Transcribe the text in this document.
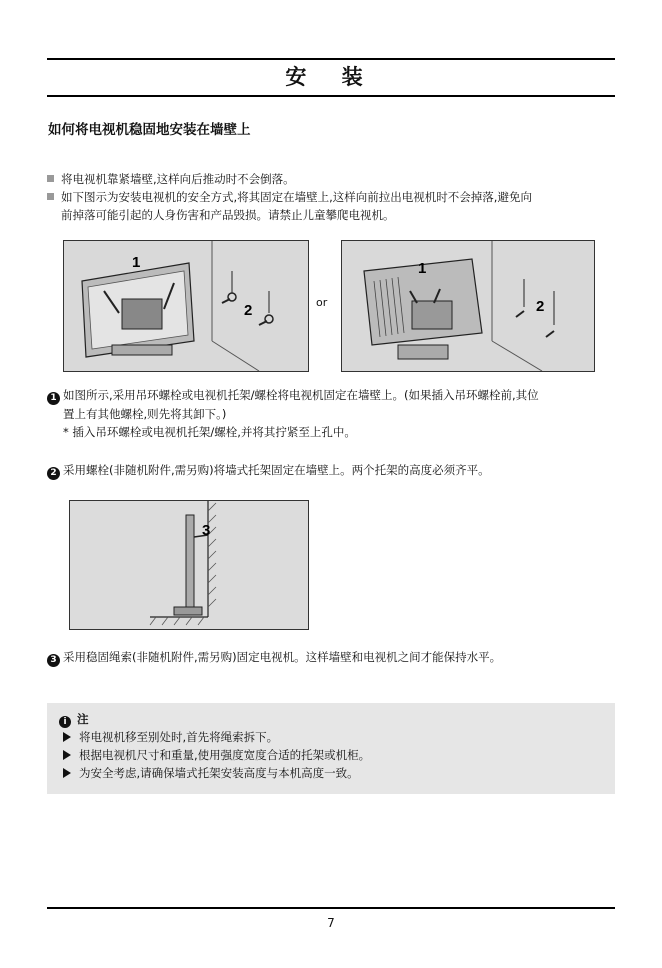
安 装
如何将电视机稳固地安装在墙壁上
将电视机靠紧墙壁,这样向后推动时不会倒落。
如下图示为安装电视机的安全方式,将其固定在墙壁上,这样向前拉出电视机时不会掉落,避免向
前掉落可能引起的人身伤害和产品毁损。请禁止儿童攀爬电视机。
1
2	or
1
2
1 如图所示,采用吊环螺栓或电视机托架/螺栓将电视机固定在墙壁上。(如果插入吊环螺栓前,其位
置上有其他螺栓,则先将其卸下。)
* 插入吊环螺栓或电视机托架/螺栓,并将其拧紧至上孔中。
2 采用螺栓(非随机附件,需另购)将墙式托架固定在墙壁上。两个托架的高度必须齐平。
3
3 采用稳固绳索(非随机附件,需另购)固定电视机。这样墙壁和电视机之间才能保持水平。
i 注
将电视机移至别处时,首先将绳索拆下。
根据电视机尺寸和重量,使用强度宽度合适的托架或机柜。
为安全考虑,请确保墙式托架安装高度与本机高度一致。
7
